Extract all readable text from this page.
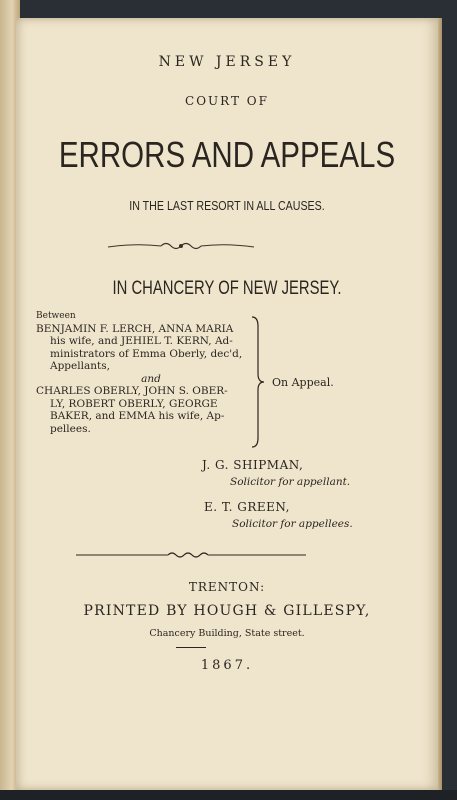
NEW JERSEY
COURT OF
ERRORS AND APPEALS
IN THE LAST RESORT IN ALL CAUSES.
IN CHANCERY OF NEW JERSEY.
Between
BENJAMIN F. LERCH, ANNA MARIA
his wife, and JEHIEL T. KERN, Ad-
ministrators of Emma Oberly, dec'd,
Appellants,
and
CHARLES OBERLY, JOHN S. OBER-
LY, ROBERT OBERLY, GEORGE
BAKER, and EMMA his wife, Ap-
pellees.
On Appeal.
J. G. SHIPMAN,
Solicitor for appellant.
E. T. GREEN,
Solicitor for appellees.
TRENTON:
PRINTED BY HOUGH & GILLESPY,
Chancery Building, State street.
1867.
